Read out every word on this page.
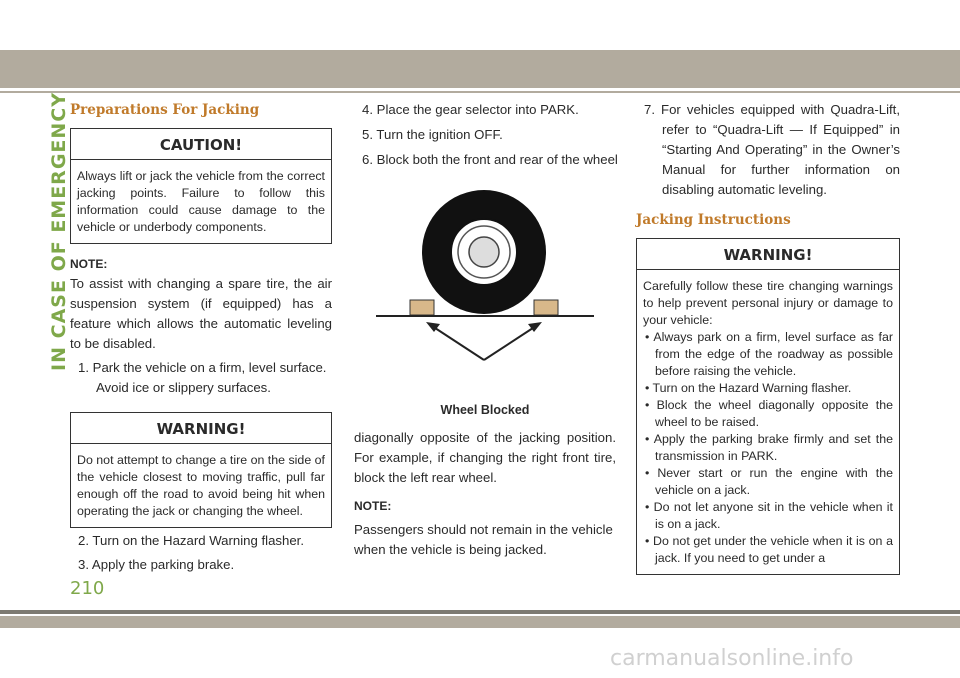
IN CASE OF EMERGENCY Preparations For Jacking
CAUTION!
Always lift or jack the vehicle from the correct jacking points. Failure to follow this information could cause damage to the vehicle or underbody components.

NOTE:

To assist with changing a spare tire, the air suspension system (if equipped) has a feature which allows the automatic leveling to be disabled.

1. Park the vehicle on a firm, level surface. Avoid ice or slippery surfaces.

WARNING!
Do not attempt to change a tire on the side of the vehicle closest to moving traffic, pull far enough off the road to avoid being hit when operating the jack or changing the wheel.

2. Turn on the Hazard Warning flasher.

3. Apply the parking brake.

4. Place the gear selector into PARK.

5. Turn the ignition OFF.

6. Block both the front and rear of the wheel

Wheel Blocked

diagonally opposite of the jacking position. For example, if changing the right front tire, block the left rear wheel.

NOTE:

Passengers should not remain in the vehicle when the vehicle is being jacked.

7. For vehicles equipped with Quadra-Lift, refer to “Quadra-Lift — If Equipped” in “Starting And Operating” in the Owner’s Manual for further information on disabling automatic leveling.

Jacking Instructions
WARNING!

Carefully follow these tire changing warnings to help prevent personal injury or damage to your vehicle:

• Always park on a firm, level surface as far from the edge of the roadway as possible before raising the vehicle.

• Turn on the Hazard Warning flasher.

• Block the wheel diagonally opposite the wheel to be raised.

• Apply the parking brake firmly and set the transmission in PARK.

• Never start or run the engine with the vehicle on a jack.

• Do not let anyone sit in the vehicle when it is on a jack.

• Do not get under the vehicle when it is on a jack. If you need to get under a

210
carmanualsonline.info
